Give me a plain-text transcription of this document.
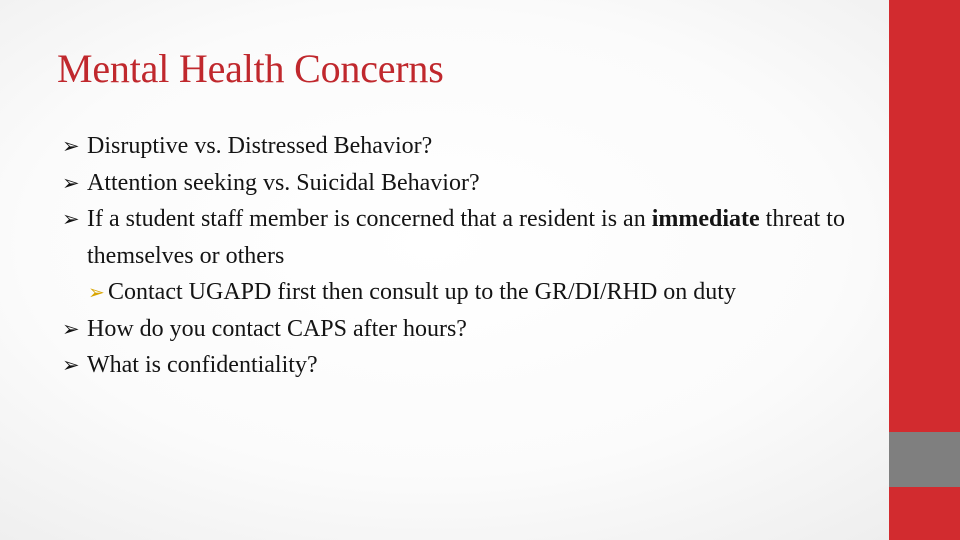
Mental Health Concerns
➢ Disruptive vs. Distressed Behavior?
➢ Attention seeking vs. Suicidal Behavior?
➢ If a student staff member is concerned that a resident is an immediate threat to themselves or others
➢ Contact UGAPD first then consult up to the GR/DI/RHD on duty
➢ How do you contact CAPS after hours?
➢ What is confidentiality?
